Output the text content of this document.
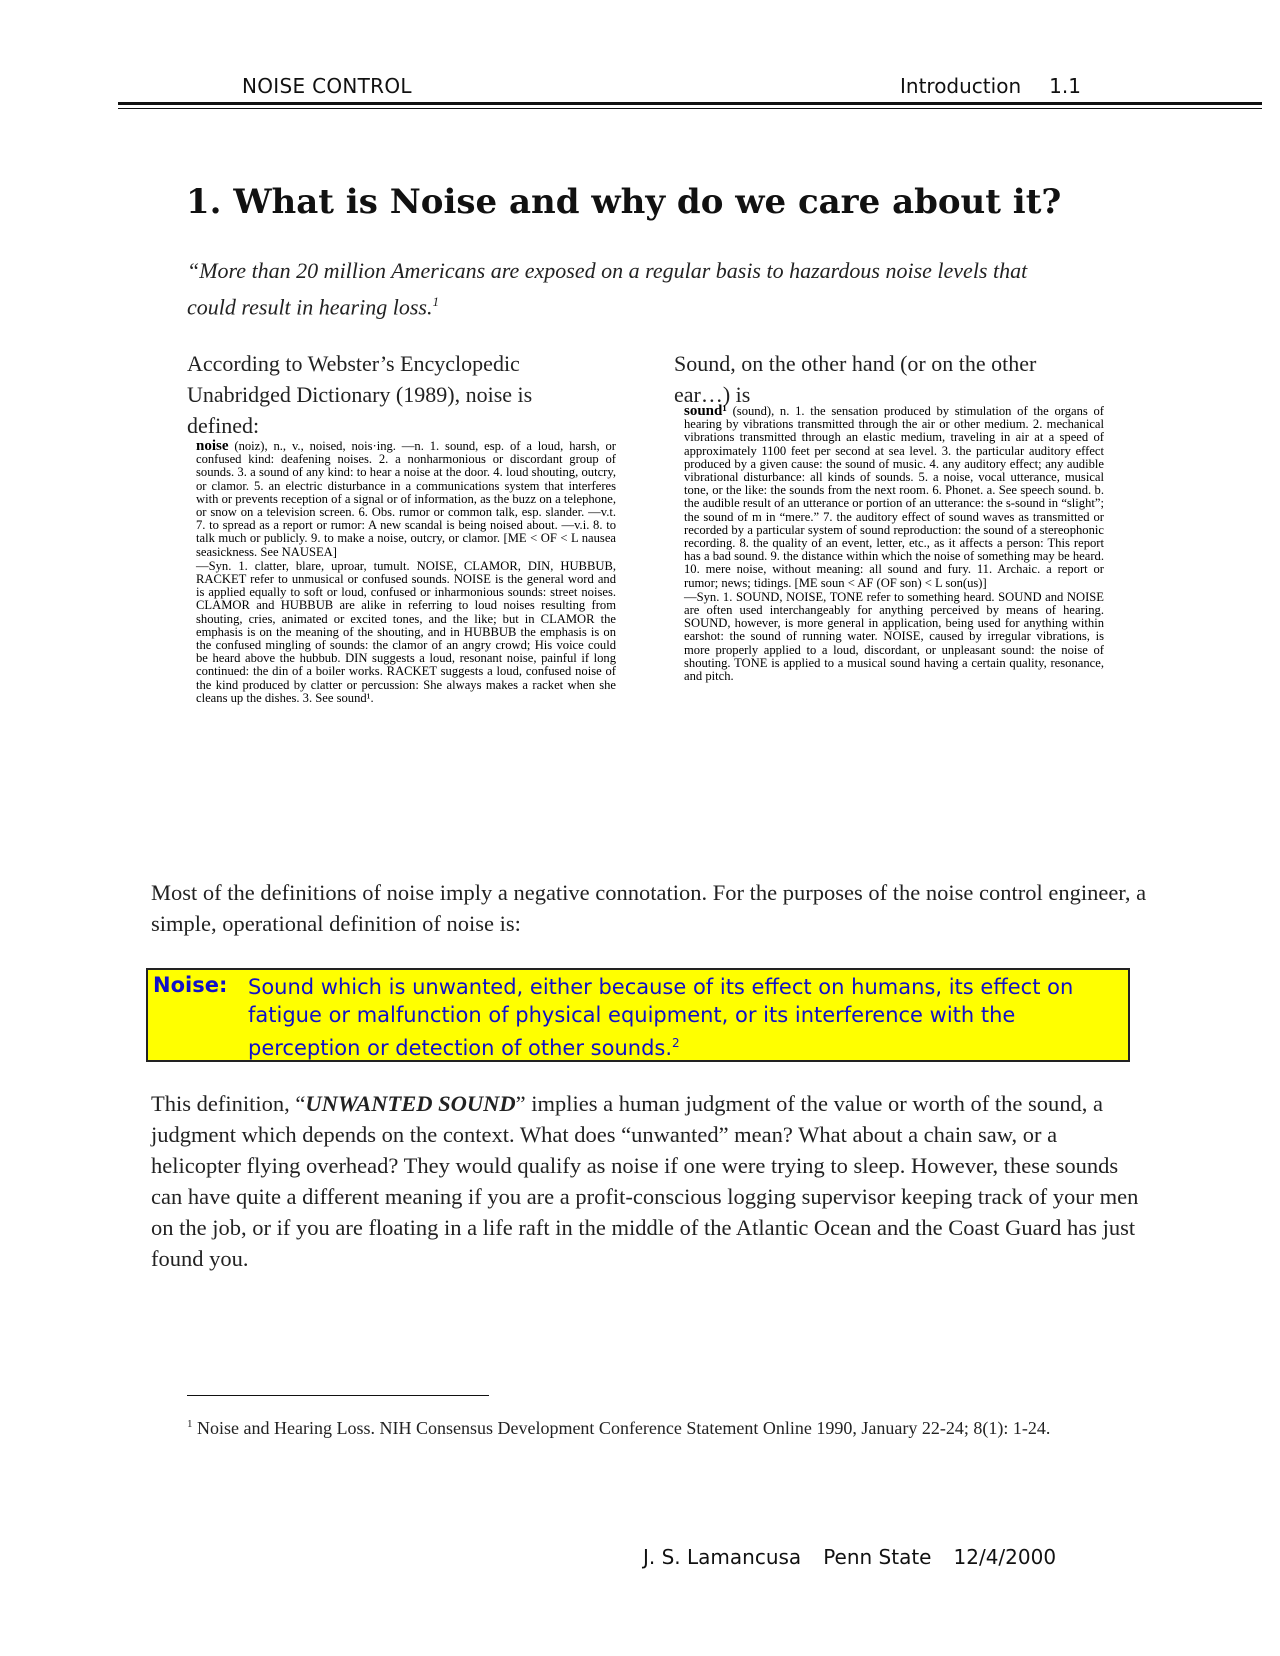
NOISE CONTROL	Introduction 1.1
1. What is Noise and why do we care about it?
“More than 20 million Americans are exposed on a regular basis to hazardous noise levels that could result in hearing loss.$^1$
According to Webster’s Encyclopedic Unabridged Dictionary (1989), noise is defined:

noise (noiz), n., v., noised, nois·ing. —n. 1. sound, esp. of a loud, harsh, or confused kind: deafening noises. 2. a nonharmonious or discordant group of sounds. 3. a sound of any kind: to hear a noise at the door. 4. loud shouting, outcry, or clamor. 5. an electric disturbance in a communications system that interferes with or prevents reception of a signal or of information, as the buzz on a telephone, or snow on a television screen. 6. Obs. rumor or common talk, esp. slander. —v.t. 7. to spread as a report or rumor: A new scandal is being noised about. —v.i. 8. to talk much or publicly. 9. to make a noise, outcry, or clamor. [ME < OF < L nausea seasickness. See NAUSEA]

—Syn. 1. clatter, blare, uproar, tumult. NOISE, CLAMOR, DIN, HUBBUB, RACKET refer to unmusical or confused sounds. NOISE is the general word and is applied equally to soft or loud, confused or inharmonious sounds: street noises. CLAMOR and HUBBUB are alike in referring to loud noises resulting from shouting, cries, animated or excited tones, and the like; but in CLAMOR the emphasis is on the meaning of the shouting, and in HUBBUB the emphasis is on the confused mingling of sounds: the clamor of an angry crowd; His voice could be heard above the hubbub. DIN suggests a loud, resonant noise, painful if long continued: the din of a boiler works. RACKET suggests a loud, confused noise of the kind produced by clatter or percussion: She always makes a racket when she cleans up the dishes. 3. See sound¹.

Sound, on the other hand (or on the other ear…) is

sound¹ (sound), n. 1. the sensation produced by stimulation of the organs of hearing by vibrations transmitted through the air or other medium. 2. mechanical vibrations transmitted through an elastic medium, traveling in air at a speed of approximately 1100 feet per second at sea level. 3. the particular auditory effect produced by a given cause: the sound of music. 4. any auditory effect; any audible vibrational disturbance: all kinds of sounds. 5. a noise, vocal utterance, musical tone, or the like: the sounds from the next room. 6. Phonet. a. See speech sound. b. the audible result of an utterance or portion of an utterance: the s-sound in “slight”; the sound of m in “mere.” 7. the auditory effect of sound waves as transmitted or recorded by a particular system of sound reproduction: the sound of a stereophonic recording. 8. the quality of an event, letter, etc., as it affects a person: This report has a bad sound. 9. the distance within which the noise of something may be heard. 10. mere noise, without meaning: all sound and fury. 11. Archaic. a report or rumor; news; tidings. [ME soun < AF (OF son) < L son(us)]

—Syn. 1. SOUND, NOISE, TONE refer to something heard. SOUND and NOISE are often used interchangeably for anything perceived by means of hearing. SOUND, however, is more general in application, being used for anything within earshot: the sound of running water. NOISE, caused by irregular vibrations, is more properly applied to a loud, discordant, or unpleasant sound: the noise of shouting. TONE is applied to a musical sound having a certain quality, resonance, and pitch.

Most of the definitions of noise imply a negative connotation. For the purposes of the noise control engineer, a simple, operational definition of noise is:
Noise: Sound which is unwanted, either because of its effect on humans, its effect on fatigue or malfunction of physical equipment, or its interference with the perception or detection of other sounds.$^2$
This definition, “UNWANTED SOUND” implies a human judgment of the value or worth of the sound, a judgment which depends on the context. What does “unwanted” mean? What about a chain saw, or a helicopter flying overhead? They would qualify as noise if one were trying to sleep. However, these sounds can have quite a different meaning if you are a profit-conscious logging supervisor keeping track of your men on the job, or if you are floating in a life raft in the middle of the Atlantic Ocean and the Coast Guard has just found you.
$^1$ Noise and Hearing Loss. NIH Consensus Development Conference Statement Online 1990, January 22-24; 8(1): 1-24.
J. S. Lamancusa Penn State 12/4/2000
